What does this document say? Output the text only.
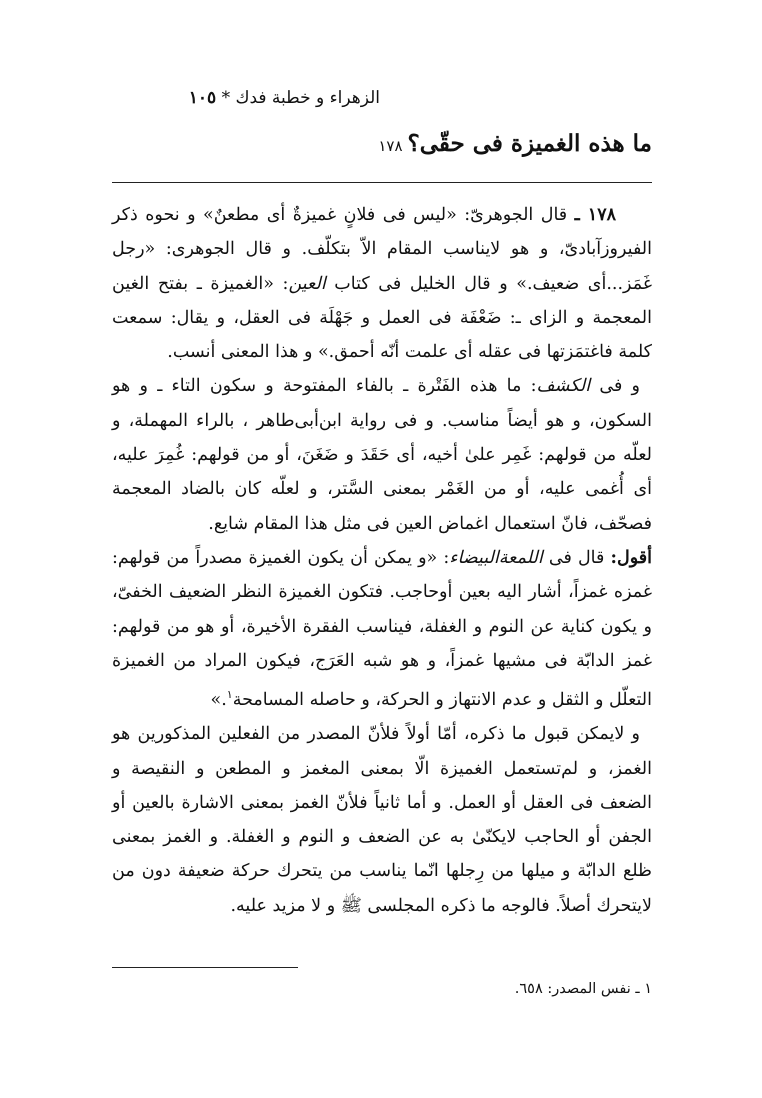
الزهراء و خطبة فدك * ١٠٥
ما هذه الغميزة فى حقّى؟١٧٨

١٧٨ ـ قال الجوهرىّ: «ليس فى فلانٍ غميزةٌ أى مطعنٌ» و نحوه ذكر الفيروزآبادىّ، و هو لايناسب المقام الاّ بتكلّف. و قال الجوهرى: «رجل غَمَز...أى ضعيف.» و قال الخليل فى كتاب العين: «الغميزة ـ بفتح الغين المعجمة و الزاى ـ: ضَعْفَة فى العمل و جَهْلَة فى العقل، و يقال: سمعت كلمة فاغتمَزتها فى عقله أى علمت أنّه أحمق.» و هذا المعنى أنسب.

و فى الكشف: ما هذه الفَتْرة ـ بالفاء المفتوحة و سكون التاء ـ و هو السكون، و هو أيضاً مناسب. و فى رواية ابن‌أبى‌طاهر ، بالراء المهملة، و لعلّه من قولهم: غَمِر علىٰ أخيه، أى حَقَدَ و ضَغَنَ، أو من قولهم: غُمِرَ عليه، أى أُغمى عليه، أو من الغَمْر بمعنى السَّتر، و لعلّه كان بالضاد المعجمة فصحّف، فانّ استعمال اغماض العين فى مثل هذا المقام شايع.

أقول: قال فى اللمعةالبيضاء: «و يمكن أن يكون الغميزة مصدراً من قولهم: غمزه غمزاً، أشار اليه بعين أوحاجب. فتكون الغميزة النظر الضعيف الخفىّ، و يكون كناية عن النوم و الغفلة، فيناسب الفقرة الأخيرة، أو هو من قولهم: غمز الدابّة فى مشيها غمزاً، و هو شبه العَرَج، فيكون المراد من الغميزة التعلّل و الثقل و عدم الانتهاز و الحركة، و حاصله المسامحة$^١$.»

و لايمكن قبول ما ذكره، أمّا أولاً فلأنّ المصدر من الفعلين المذكورين هو الغمز، و لم‌تستعمل الغميزة الّا بمعنى المغمز و المطعن و النقيصة و الضعف فى العقل أو العمل. و أما ثانياً فلأنّ الغمز بمعنى الاشارة بالعين أو الجفن أو الحاجب لايكنّىٰ به عن الضعف و النوم و الغفلة. و الغمز بمعنى ظلع الدابّة و ميلها من رِجلها انّما يناسب من يتحرك حركة ضعيفة دون من لايتحرك أصلاً. فالوجه ما ذكره المجلسى ﷺ و لا مزيد عليه.

١ ـ نفس المصدر: ٦٥٨.
